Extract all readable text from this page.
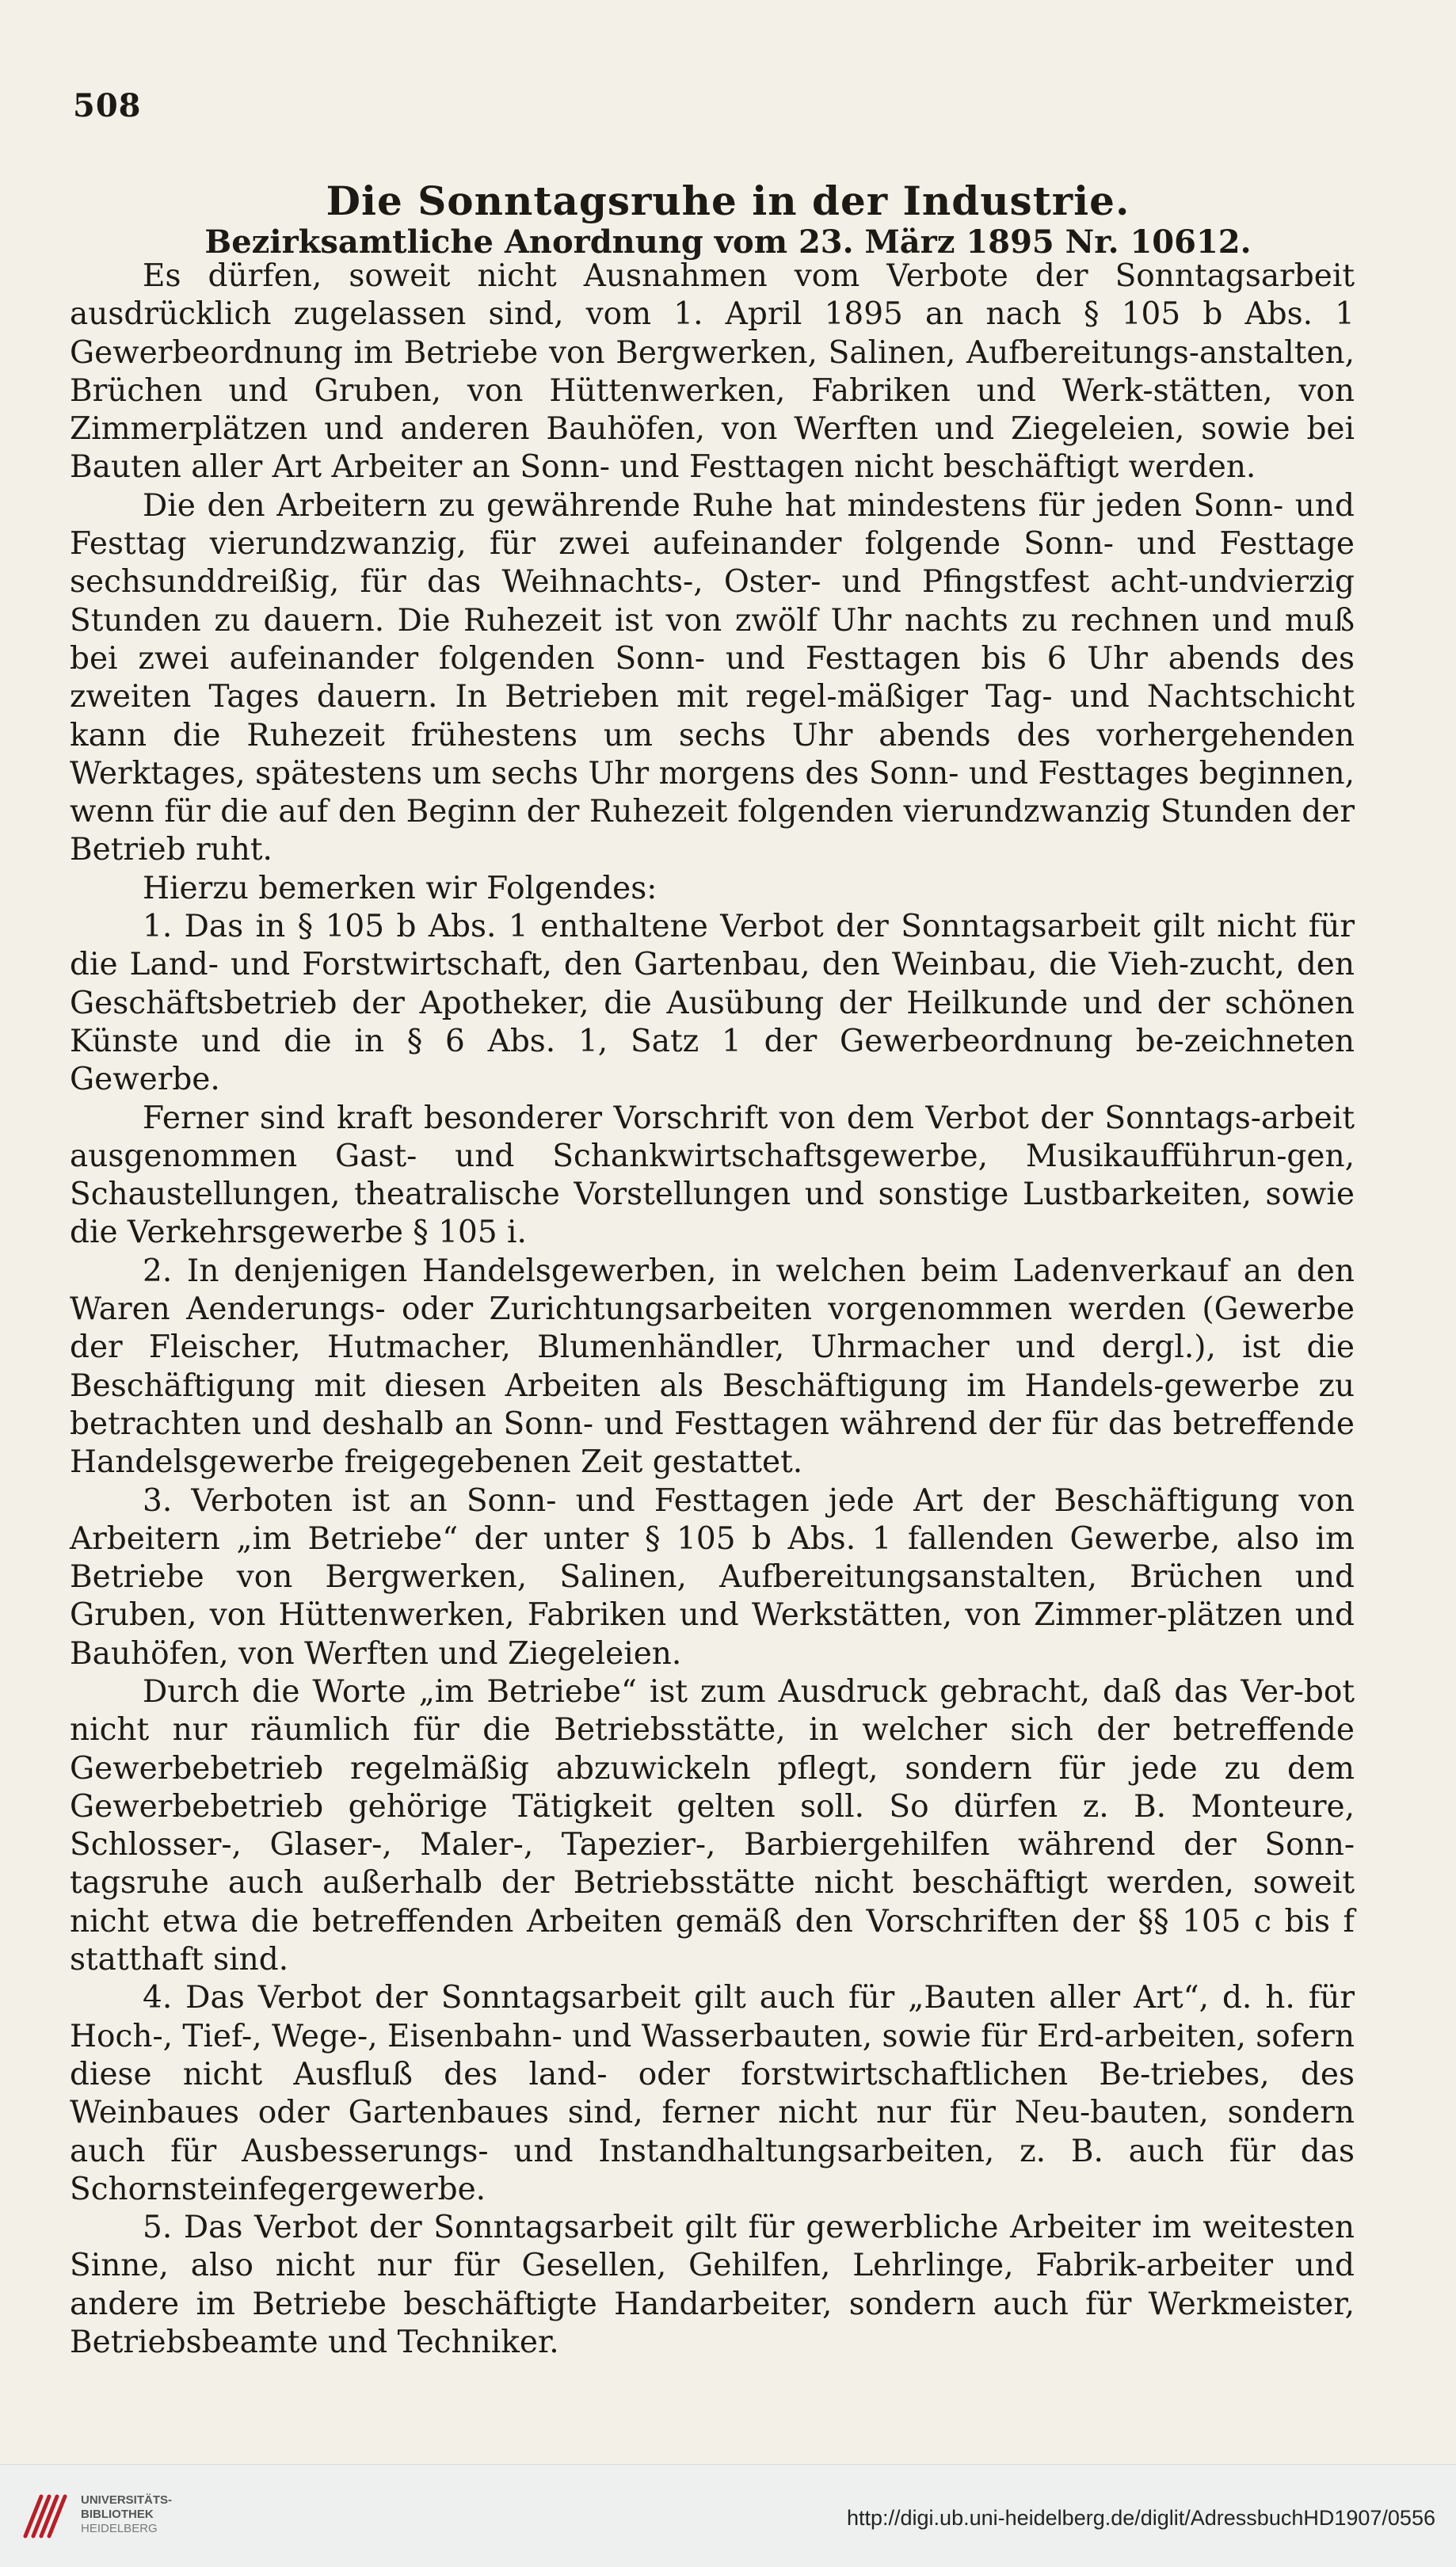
508
Die Sonntagsruhe in der Industrie.
Bezirksamtliche Anordnung vom 23. März 1895 Nr. 10612.

Es dürfen, soweit nicht Ausnahmen vom Verbote der Sonntagsarbeit ausdrücklich zugelassen sind, vom 1. April 1895 an nach § 105 b Abs. 1 Gewerbeordnung im Betriebe von Bergwerken, Salinen, Aufbereitungs-anstalten, Brüchen und Gruben, von Hüttenwerken, Fabriken und Werk-stätten, von Zimmerplätzen und anderen Bauhöfen, von Werften und Ziegeleien, sowie bei Bauten aller Art Arbeiter an Sonn- und Festtagen nicht beschäftigt werden.

Die den Arbeitern zu gewährende Ruhe hat mindestens für jeden Sonn- und Festtag vierundzwanzig, für zwei aufeinander folgende Sonn- und Festtage sechsunddreißig, für das Weihnachts-, Oster- und Pfingstfest acht-undvierzig Stunden zu dauern. Die Ruhezeit ist von zwölf Uhr nachts zu rechnen und muß bei zwei aufeinander folgenden Sonn- und Festtagen bis 6 Uhr abends des zweiten Tages dauern. In Betrieben mit regel-mäßiger Tag- und Nachtschicht kann die Ruhezeit frühestens um sechs Uhr abends des vorhergehenden Werktages, spätestens um sechs Uhr morgens des Sonn- und Festtages beginnen, wenn für die auf den Beginn der Ruhezeit folgenden vierundzwanzig Stunden der Betrieb ruht.

Hierzu bemerken wir Folgendes:

1. Das in § 105 b Abs. 1 enthaltene Verbot der Sonntagsarbeit gilt nicht für die Land- und Forstwirtschaft, den Gartenbau, den Weinbau, die Vieh-zucht, den Geschäftsbetrieb der Apotheker, die Ausübung der Heilkunde und der schönen Künste und die in § 6 Abs. 1, Satz 1 der Gewerbeordnung be-zeichneten Gewerbe.

Ferner sind kraft besonderer Vorschrift von dem Verbot der Sonntags-arbeit ausgenommen Gast- und Schankwirtschaftsgewerbe, Musikaufführun-gen, Schaustellungen, theatralische Vorstellungen und sonstige Lustbarkeiten, sowie die Verkehrsgewerbe § 105 i.

2. In denjenigen Handelsgewerben, in welchen beim Ladenverkauf an den Waren Aenderungs- oder Zurichtungsarbeiten vorgenommen werden (Gewerbe der Fleischer, Hutmacher, Blumenhändler, Uhrmacher und dergl.), ist die Beschäftigung mit diesen Arbeiten als Beschäftigung im Handels-gewerbe zu betrachten und deshalb an Sonn- und Festtagen während der für das betreffende Handelsgewerbe freigegebenen Zeit gestattet.

3. Verboten ist an Sonn- und Festtagen jede Art der Beschäftigung von Arbeitern „im Betriebe“ der unter § 105 b Abs. 1 fallenden Gewerbe, also im Betriebe von Bergwerken, Salinen, Aufbereitungsanstalten, Brüchen und Gruben, von Hüttenwerken, Fabriken und Werkstätten, von Zimmer-plätzen und Bauhöfen, von Werften und Ziegeleien.

Durch die Worte „im Betriebe“ ist zum Ausdruck gebracht, daß das Ver-bot nicht nur räumlich für die Betriebsstätte, in welcher sich der betreffende Gewerbebetrieb regelmäßig abzuwickeln pflegt, sondern für jede zu dem Gewerbebetrieb gehörige Tätigkeit gelten soll. So dürfen z. B. Monteure, Schlosser-, Glaser-, Maler-, Tapezier-, Barbiergehilfen während der Sonn-tagsruhe auch außerhalb der Betriebsstätte nicht beschäftigt werden, soweit nicht etwa die betreffenden Arbeiten gemäß den Vorschriften der §§ 105 c bis f statthaft sind.

4. Das Verbot der Sonntagsarbeit gilt auch für „Bauten aller Art“, d. h. für Hoch-, Tief-, Wege-, Eisenbahn- und Wasserbauten, sowie für Erd-arbeiten, sofern diese nicht Ausfluß des land- oder forstwirtschaftlichen Be-triebes, des Weinbaues oder Gartenbaues sind, ferner nicht nur für Neu-bauten, sondern auch für Ausbesserungs- und Instandhaltungsarbeiten, z. B. auch für das Schornsteinfegergewerbe.

5. Das Verbot der Sonntagsarbeit gilt für gewerbliche Arbeiter im weitesten Sinne, also nicht nur für Gesellen, Gehilfen, Lehrlinge, Fabrik-arbeiter und andere im Betriebe beschäftigte Handarbeiter, sondern auch für Werkmeister, Betriebsbeamte und Techniker.

UNIVERSITÄTS-
BIBLIOTHEK
HEIDELBERG	http://digi.ub.uni-heidelberg.de/diglit/AdressbuchHD1907/0556
